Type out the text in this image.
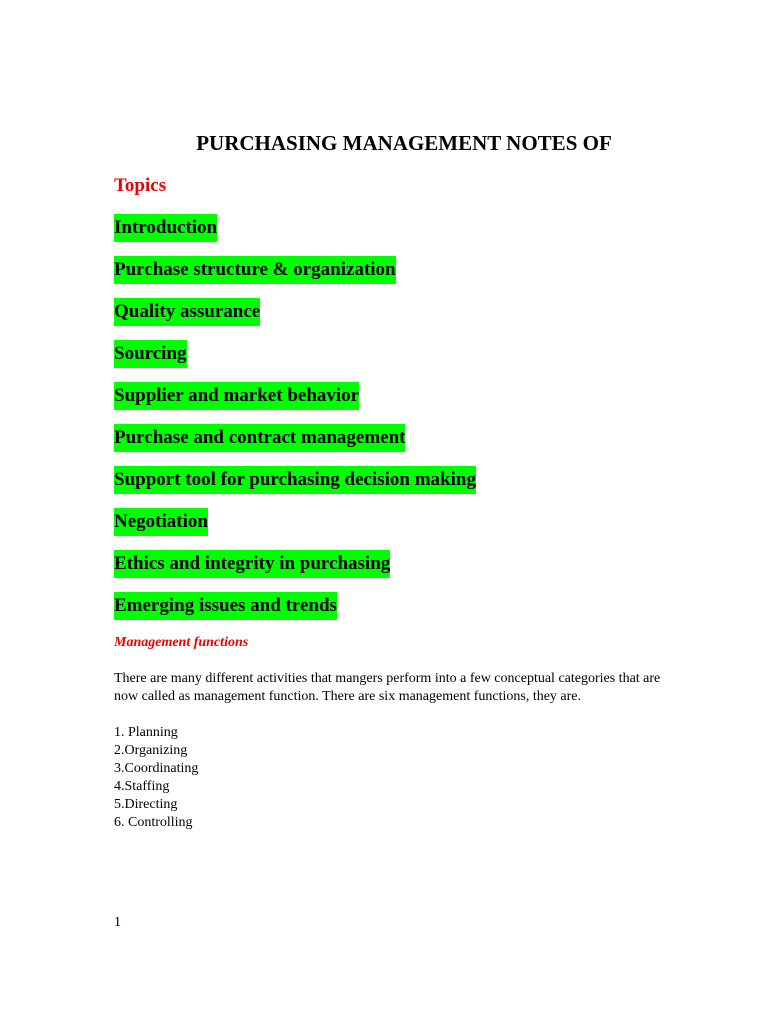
PURCHASING MANAGEMENT NOTES OF
Topics
Introduction
Purchase structure & organization
Quality assurance
Sourcing
Supplier and market behavior
Purchase and contract management
Support tool for purchasing decision making
Negotiation
Ethics and integrity in purchasing
Emerging issues and trends
Management functions

There are many different activities that mangers perform into a few conceptual categories that are now called as management function. There are six management functions, they are.

1. Planning
2.Organizing
3.Coordinating
4.Staffing
5.Directing
6. Controlling
1
